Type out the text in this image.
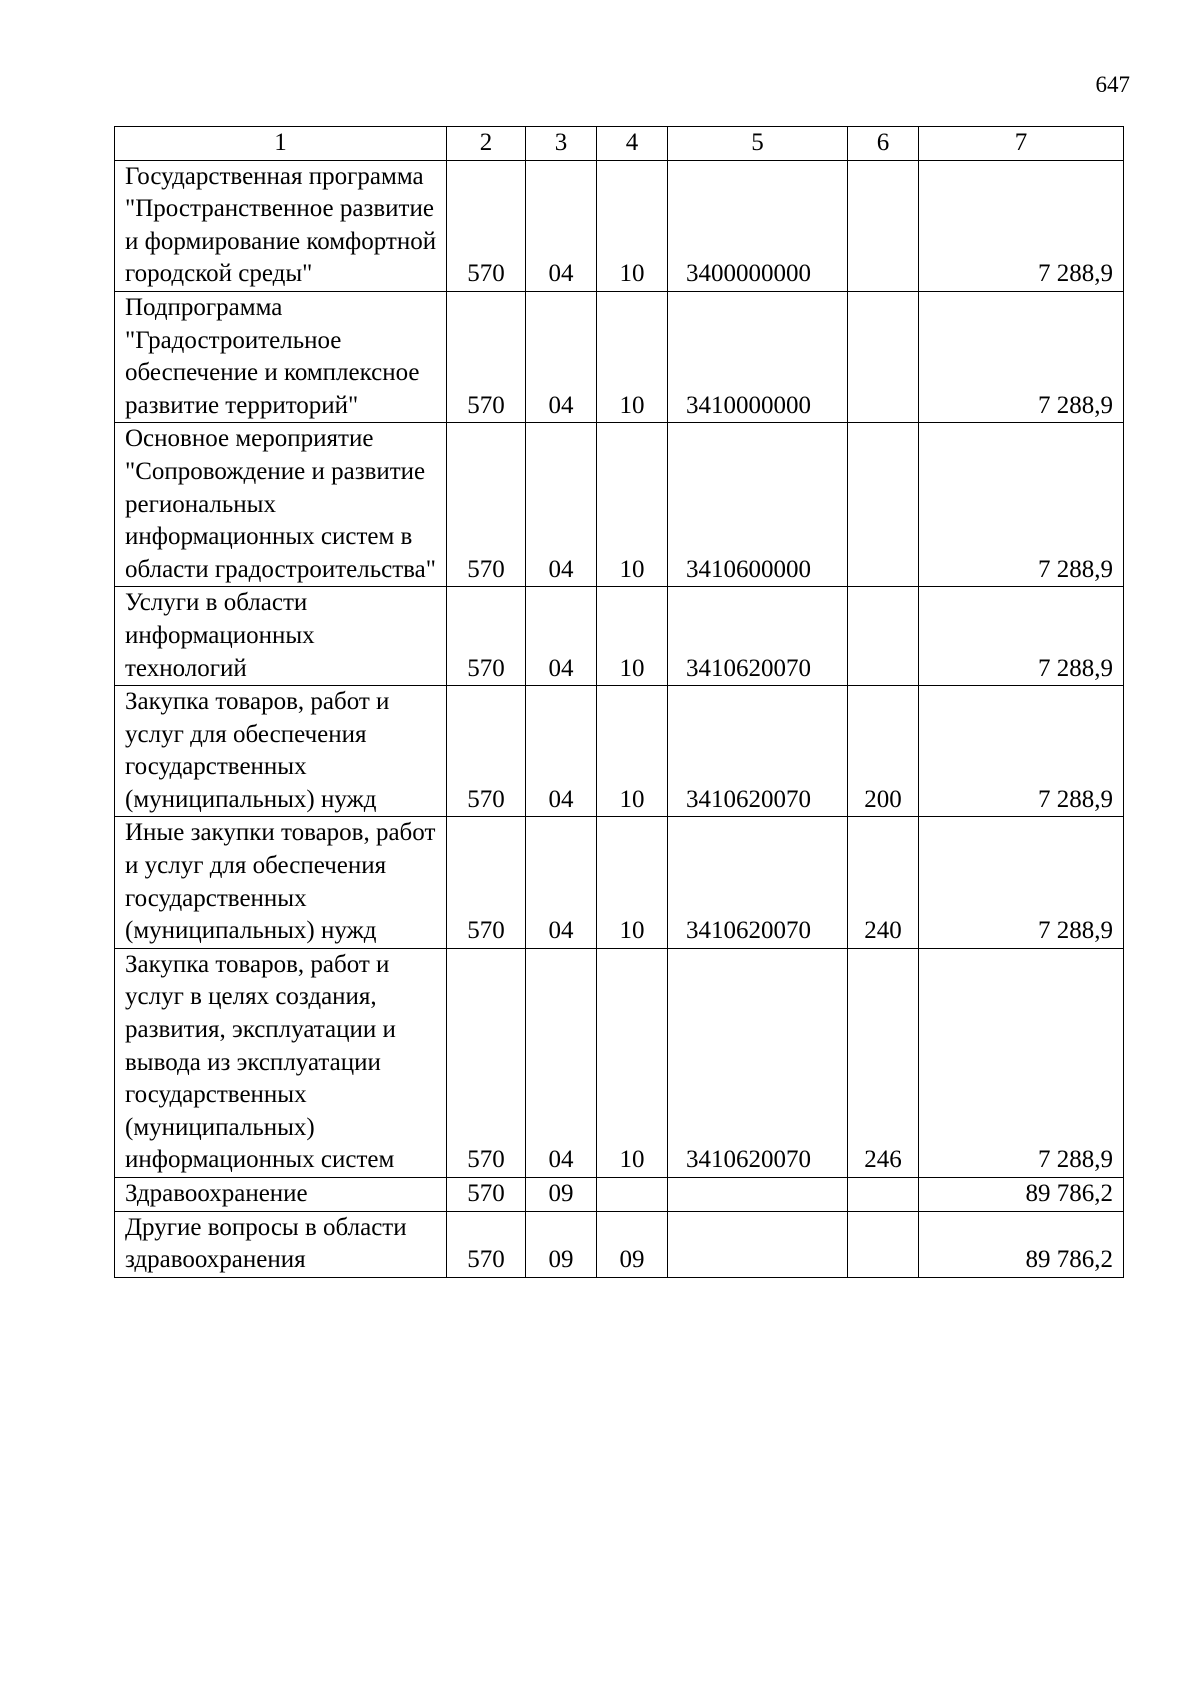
647
1	2	3	4	5	6	7
Государственная программа "Пространственное развитие и формирование комфортной городской среды"	570	04	10	3400000000		7 288,9
Подпрограмма "Градостроительное обеспечение и комплексное развитие территорий"	570	04	10	3410000000		7 288,9
Основное мероприятие "Сопровождение и развитие региональных информационных систем в области градостроительства"	570	04	10	3410600000		7 288,9
Услуги в области информационных технологий	570	04	10	3410620070		7 288,9
Закупка товаров, работ и услуг для обеспечения государственных (муниципальных) нужд	570	04	10	3410620070	200	7 288,9
Иные закупки товаров, работ и услуг для обеспечения государственных (муниципальных) нужд	570	04	10	3410620070	240	7 288,9
Закупка товаров, работ и услуг в целях создания, развития, эксплуатации и вывода из эксплуатации государственных (муниципальных) информационных систем	570	04	10	3410620070	246	7 288,9
Здравоохранение	570	09				89 786,2
Другие вопросы в области здравоохранения	570	09	09			89 786,2
